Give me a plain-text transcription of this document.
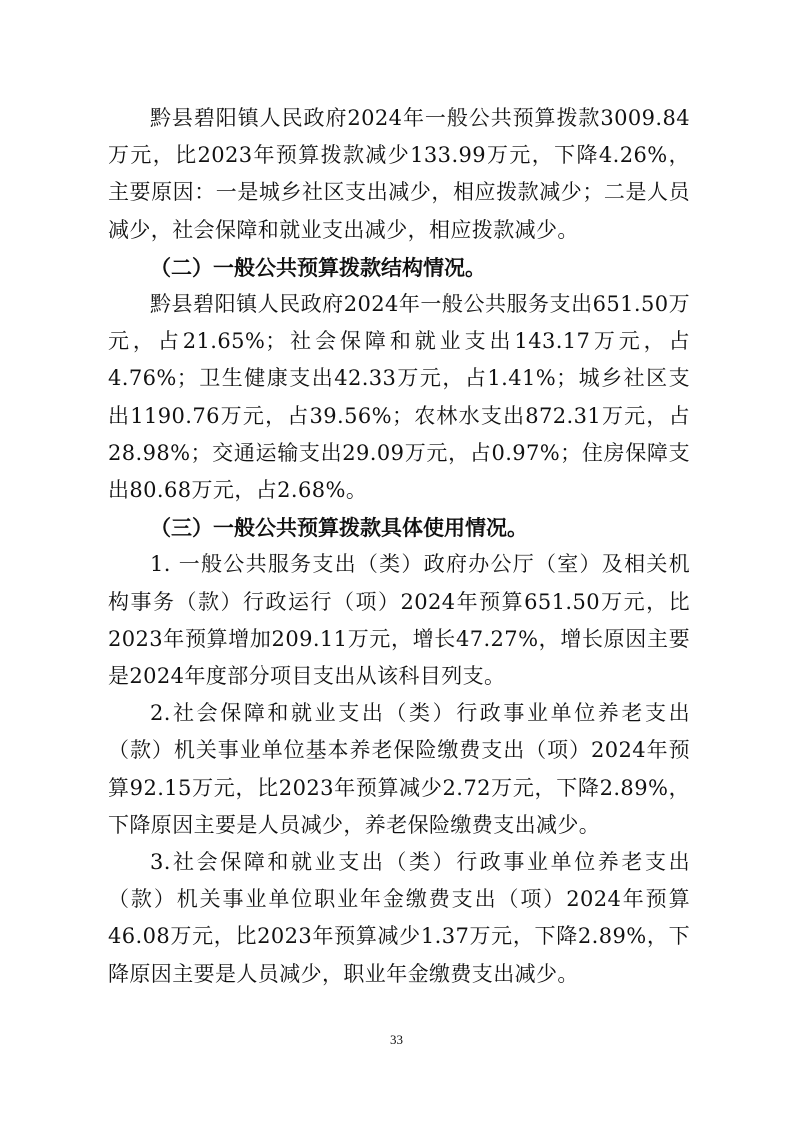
黔县碧阳镇人民政府2024年一般公共预算拨款3009.84万元，比2023年预算拨款减少133.99万元，下降4.26%，主要原因：一是城乡社区支出减少，相应拨款减少；二是人员减少，社会保障和就业支出减少，相应拨款减少。

（二）一般公共预算拨款结构情况。

黔县碧阳镇人民政府2024年一般公共服务支出651.50万元，占21.65%；社会保障和就业支出143.17万元，占4.76%；卫生健康支出42.33万元，占1.41%；城乡社区支出1190.76万元，占39.56%；农林水支出872.31万元，占28.98%；交通运输支出29.09万元，占0.97%；住房保障支出80.68万元，占2.68%。

（三）一般公共预算拨款具体使用情况。

1. 一般公共服务支出（类）政府办公厅（室）及相关机构事务（款）行政运行（项）2024年预算651.50万元，比2023年预算增加209.11万元，增长47.27%，增长原因主要是2024年度部分项目支出从该科目列支。

2.社会保障和就业支出（类）行政事业单位养老支出（款）机关事业单位基本养老保险缴费支出（项）2024年预算92.15万元，比2023年预算减少2.72万元，下降2.89%，下降原因主要是人员减少，养老保险缴费支出减少。

3.社会保障和就业支出（类）行政事业单位养老支出（款）机关事业单位职业年金缴费支出（项）2024年预算46.08万元，比2023年预算减少1.37万元，下降2.89%，下降原因主要是人员减少，职业年金缴费支出减少。

33
